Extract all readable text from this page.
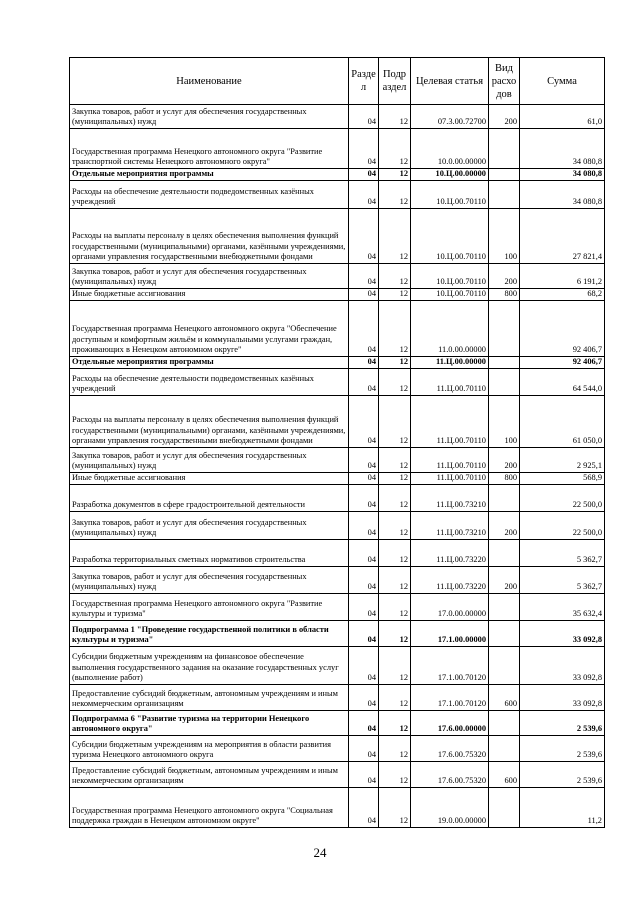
Наименование	Разде л	Подр аздел	Целевая статья	Вид расхо дов	Сумма
Закупка товаров, работ и услуг для обеспечения государственных (муниципальных) нужд	04	12	07.3.00.72700	200	61,0
Государственная программа Ненецкого автономного округа "Развитие транспортной системы Ненецкого автономного округа"	04	12	10.0.00.00000		34 080,8
Отдельные мероприятия программы	04	12	10.Ц.00.00000		34 080,8
Расходы на обеспечение деятельности подведомственных казённых учреждений	04	12	10.Ц.00.70110		34 080,8
Расходы на выплаты персоналу в целях обеспечения выполнения функций государственными (муниципальными) органами, казёнными учреждениями, органами управления государственными внебюджетными фондами	04	12	10.Ц.00.70110	100	27 821,4
Закупка товаров, работ и услуг для обеспечения государственных (муниципальных) нужд	04	12	10.Ц.00.70110	200	6 191,2
Иные бюджетные ассигнования	04	12	10.Ц.00.70110	800	68,2
Государственная программа Ненецкого автономного округа "Обеспечение доступным и комфортным жильём и коммунальными услугами граждан, проживающих в Ненецком автономном округе"	04	12	11.0.00.00000		92 406,7
Отдельные мероприятия программы	04	12	11.Ц.00.00000		92 406,7
Расходы на обеспечение деятельности подведомственных казённых учреждений	04	12	11.Ц.00.70110		64 544,0
Расходы на выплаты персоналу в целях обеспечения выполнения функций государственными (муниципальными) органами, казёнными учреждениями, органами управления государственными внебюджетными фондами	04	12	11.Ц.00.70110	100	61 050,0
Закупка товаров, работ и услуг для обеспечения государственных (муниципальных) нужд	04	12	11.Ц.00.70110	200	2 925,1
Иные бюджетные ассигнования	04	12	11.Ц.00.70110	800	568,9
Разработка документов в сфере градостроительной деятельности	04	12	11.Ц.00.73210		22 500,0
Закупка товаров, работ и услуг для обеспечения государственных (муниципальных) нужд	04	12	11.Ц.00.73210	200	22 500,0
Разработка территориальных сметных нормативов строительства	04	12	11.Ц.00.73220		5 362,7
Закупка товаров, работ и услуг для обеспечения государственных (муниципальных) нужд	04	12	11.Ц.00.73220	200	5 362,7
Государственная программа Ненецкого автономного округа "Развитие культуры и туризма"	04	12	17.0.00.00000		35 632,4
Подпрограмма 1 "Проведение государственной политики в области культуры и туризма"	04	12	17.1.00.00000		33 092,8
Субсидии бюджетным учреждениям на финансовое обеспечение выполнения государственного задания на оказание государственных услуг (выполнение работ)	04	12	17.1.00.70120		33 092,8
Предоставление субсидий бюджетным, автономным учреждениям и иным некоммерческим организациям	04	12	17.1.00.70120	600	33 092,8
Подпрограмма 6 "Развитие туризма на территории Ненецкого автономного округа"	04	12	17.6.00.00000		2 539,6
Субсидии бюджетным учреждениям на мероприятия в области развития туризма Ненецкого автономного округа	04	12	17.6.00.75320		2 539,6
Предоставление субсидий бюджетным, автономным учреждениям и иным некоммерческим организациям	04	12	17.6.00.75320	600	2 539,6
Государственная программа Ненецкого автономного округа "Социальная поддержка граждан в Ненецком автономном округе"	04	12	19.0.00.00000		11,2
24
